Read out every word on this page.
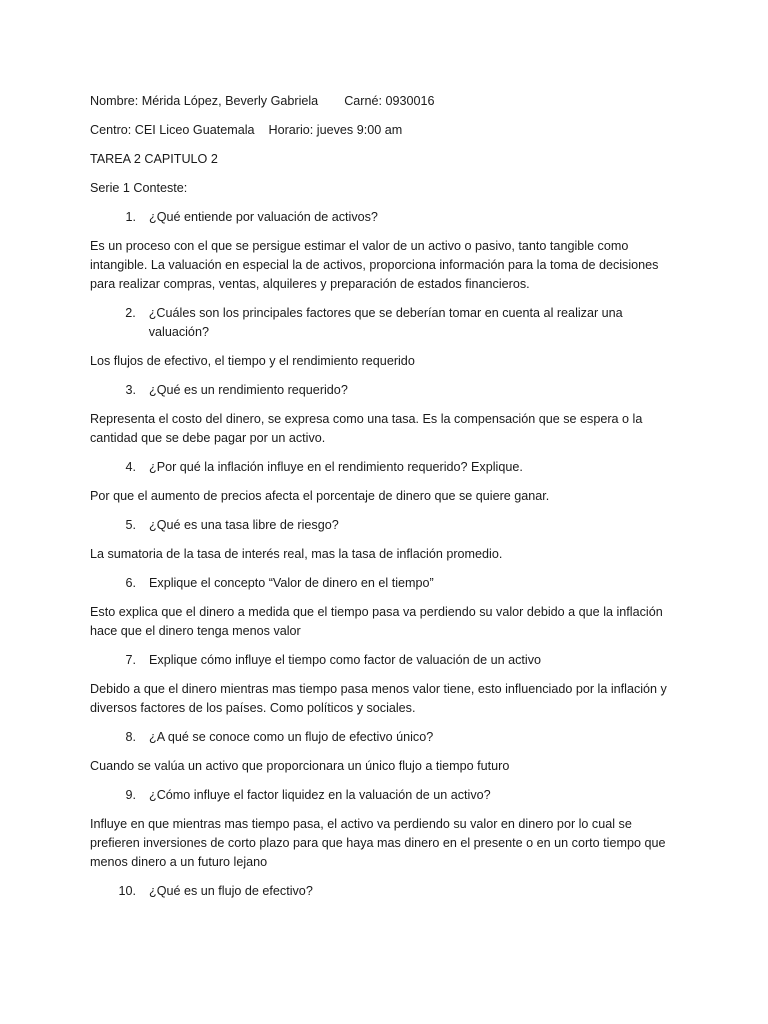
Nombre: Mérida López, Beverly Gabriela Carné: 0930016
Centro: CEI Liceo Guatemala Horario: jueves 9:00 am
TAREA 2 CAPITULO 2
Serie 1 Conteste:
1. ¿Qué entiende por valuación de activos?
Es un proceso con el que se persigue estimar el valor de un activo o pasivo, tanto tangible como
intangible. La valuación en especial la de activos, proporciona información para la toma de decisiones
para realizar compras, ventas, alquileres y preparación de estados financieros.
2. ¿Cuáles son los principales factores que se deberían tomar en cuenta al realizar una valuación?
Los flujos de efectivo, el tiempo y el rendimiento requerido
3. ¿Qué es un rendimiento requerido?
Representa el costo del dinero, se expresa como una tasa. Es la compensación que se espera o la
cantidad que se debe pagar por un activo.
4. ¿Por qué la inflación influye en el rendimiento requerido? Explique.
Por que el aumento de precios afecta el porcentaje de dinero que se quiere ganar.
5. ¿Qué es una tasa libre de riesgo?
La sumatoria de la tasa de interés real, mas la tasa de inflación promedio.
6. Explique el concepto “Valor de dinero en el tiempo”
Esto explica que el dinero a medida que el tiempo pasa va perdiendo su valor debido a que la inflación
hace que el dinero tenga menos valor
7. Explique cómo influye el tiempo como factor de valuación de un activo
Debido a que el dinero mientras mas tiempo pasa menos valor tiene, esto influenciado por la inflación y
diversos factores de los países. Como políticos y sociales.
8. ¿A qué se conoce como un flujo de efectivo único?
Cuando se valúa un activo que proporcionara un único flujo a tiempo futuro
9. ¿Cómo influye el factor liquidez en la valuación de un activo?
Influye en que mientras mas tiempo pasa, el activo va perdiendo su valor en dinero por lo cual se
prefieren inversiones de corto plazo para que haya mas dinero en el presente o en un corto tiempo que
menos dinero a un futuro lejano
10. ¿Qué es un flujo de efectivo?
